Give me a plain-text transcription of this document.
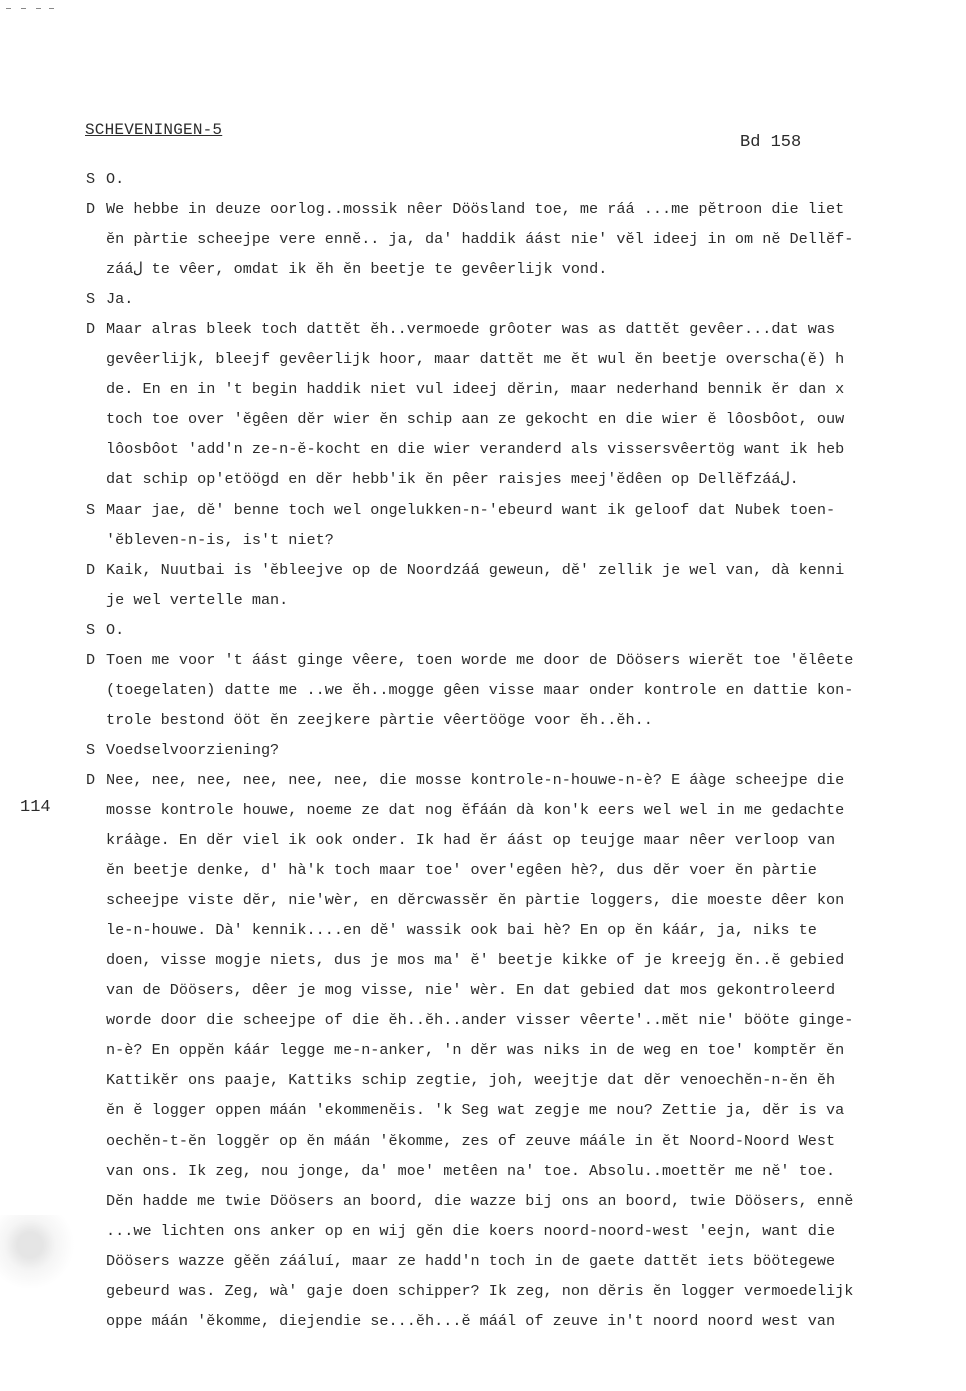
SCHEVENINGEN-5
Bd 158
114
S O.
D We hebbe in deuze oorlog..mossik nêer Döösland toe, me ráá ...me pĕtroon die liet
ĕn pàrtie scheejpe vere ennĕ.. ja, da' haddik áást nie' vĕl ideej in om nĕ Dellĕf-
zááل te vêer, omdat ik ĕh ĕn beetje te gevêerlijk vond.
S Ja.
D Maar alras bleek toch dattĕt ĕh..vermoede grôoter was as dattĕt gevêer...dat was
gevêerlijk, bleejf gevêerlijk hoor, maar dattĕt me ĕt wul ĕn beetje overscha(ĕ) h
de. En en in 't begin haddik niet vul ideej dĕrin, maar nederhand bennik ĕr dan x
toch toe over 'ĕgêen dĕr wier ĕn schip aan ze gekocht en die wier ĕ lôosbôot, ouw
lôosbôot 'add'n ze-n-ĕ-kocht en die wier veranderd als vissersvêertög want ik heb
dat schip op'etöögd en dĕr hebb'ik ĕn pêer raisjes meej'ĕdêen op Dellĕfzááل.
S Maar jae, dĕ' benne toch wel ongelukken-n-'ebeurd want ik geloof dat Nubek toen-
'ĕbleven-n-is, is't niet?
D Kaik, Nuutbai is 'ĕbleejve op de Noordzáá geweun, dĕ' zellik je wel van, dà kenni
je wel vertelle man.
S O.
D Toen me voor 't áást ginge vêere, toen worde me door de Döösers wierĕt toe 'ĕlêete
(toegelaten) datte me ..we ĕh..mogge gêen visse maar onder kontrole en dattie kon-
trole bestond ööt ĕn zeejkere pàrtie vêertööge voor ĕh..ĕh..
S Voedselvoorziening?
D Nee, nee, nee, nee, nee, nee, die mosse kontrole-n-houwe-n-è? E áàge scheejpe die
mosse kontrole houwe, noeme ze dat nog ĕfáán dà kon'k eers wel wel in me gedachte
kráàge. En dĕr viel ik ook onder. Ik had ĕr áást op teujge maar nêer verloop van
ĕn beetje denke, d' hà'k toch maar toe' over'egêen hè?, dus dĕr voer ĕn pàrtie
scheejpe viste dĕr, nie'wèr, en dĕrcwassĕr ĕn pàrtie loggers, die moeste dêer kon
le-n-houwe. Dà' kennik....en dĕ' wassik ook bai hè? En op ĕn káár, ja, niks te
doen, visse mogje niets, dus je mos ma' ĕ' beetje kikke of je kreejg ĕn..ĕ gebied
van de Döösers, dêer je mog visse, nie' wèr. En dat gebied dat mos gekontroleerd
worde door die scheejpe of die ĕh..ĕh..ander visser vêerte'..mĕt nie' bööte ginge-
n-è? En oppĕn káár legge me-n-anker, 'n dĕr was niks in de weg en toe' komptĕr ĕn
Kattikĕr ons paaje, Kattiks schip zegtie, joh, weejtje dat dĕr venoechĕn-n-ĕn ĕh
ĕn ĕ logger oppen máán 'ekommenĕis. 'k Seg wat zegje me nou? Zettie ja, dĕr is va
oechĕn-t-ĕn loggĕr op ĕn máán 'ĕkomme, zes of zeuve máále in ĕt Noord-Noord West
van ons. Ik zeg, nou jonge, da' moe' metêen na' toe. Absolu..moettĕr me nĕ' toe.
Dĕn hadde me twie Döösers an boord, die wazze bij ons an boord, twie Döösers, ennĕ
...we lichten ons anker op en wij gĕn die koers noord-noord-west 'eejn, want die
Döösers wazze gĕĕn zááluí, maar ze hadd'n toch in de gaete dattĕt iets böötegewe
gebeurd was. Zeg, wà' gaje doen schipper? Ik zeg, non dĕris ĕn logger vermoedelijk
oppe máán 'ĕkomme, diejendie se...ĕh...ĕ máál of zeuve in't noord noord west van
